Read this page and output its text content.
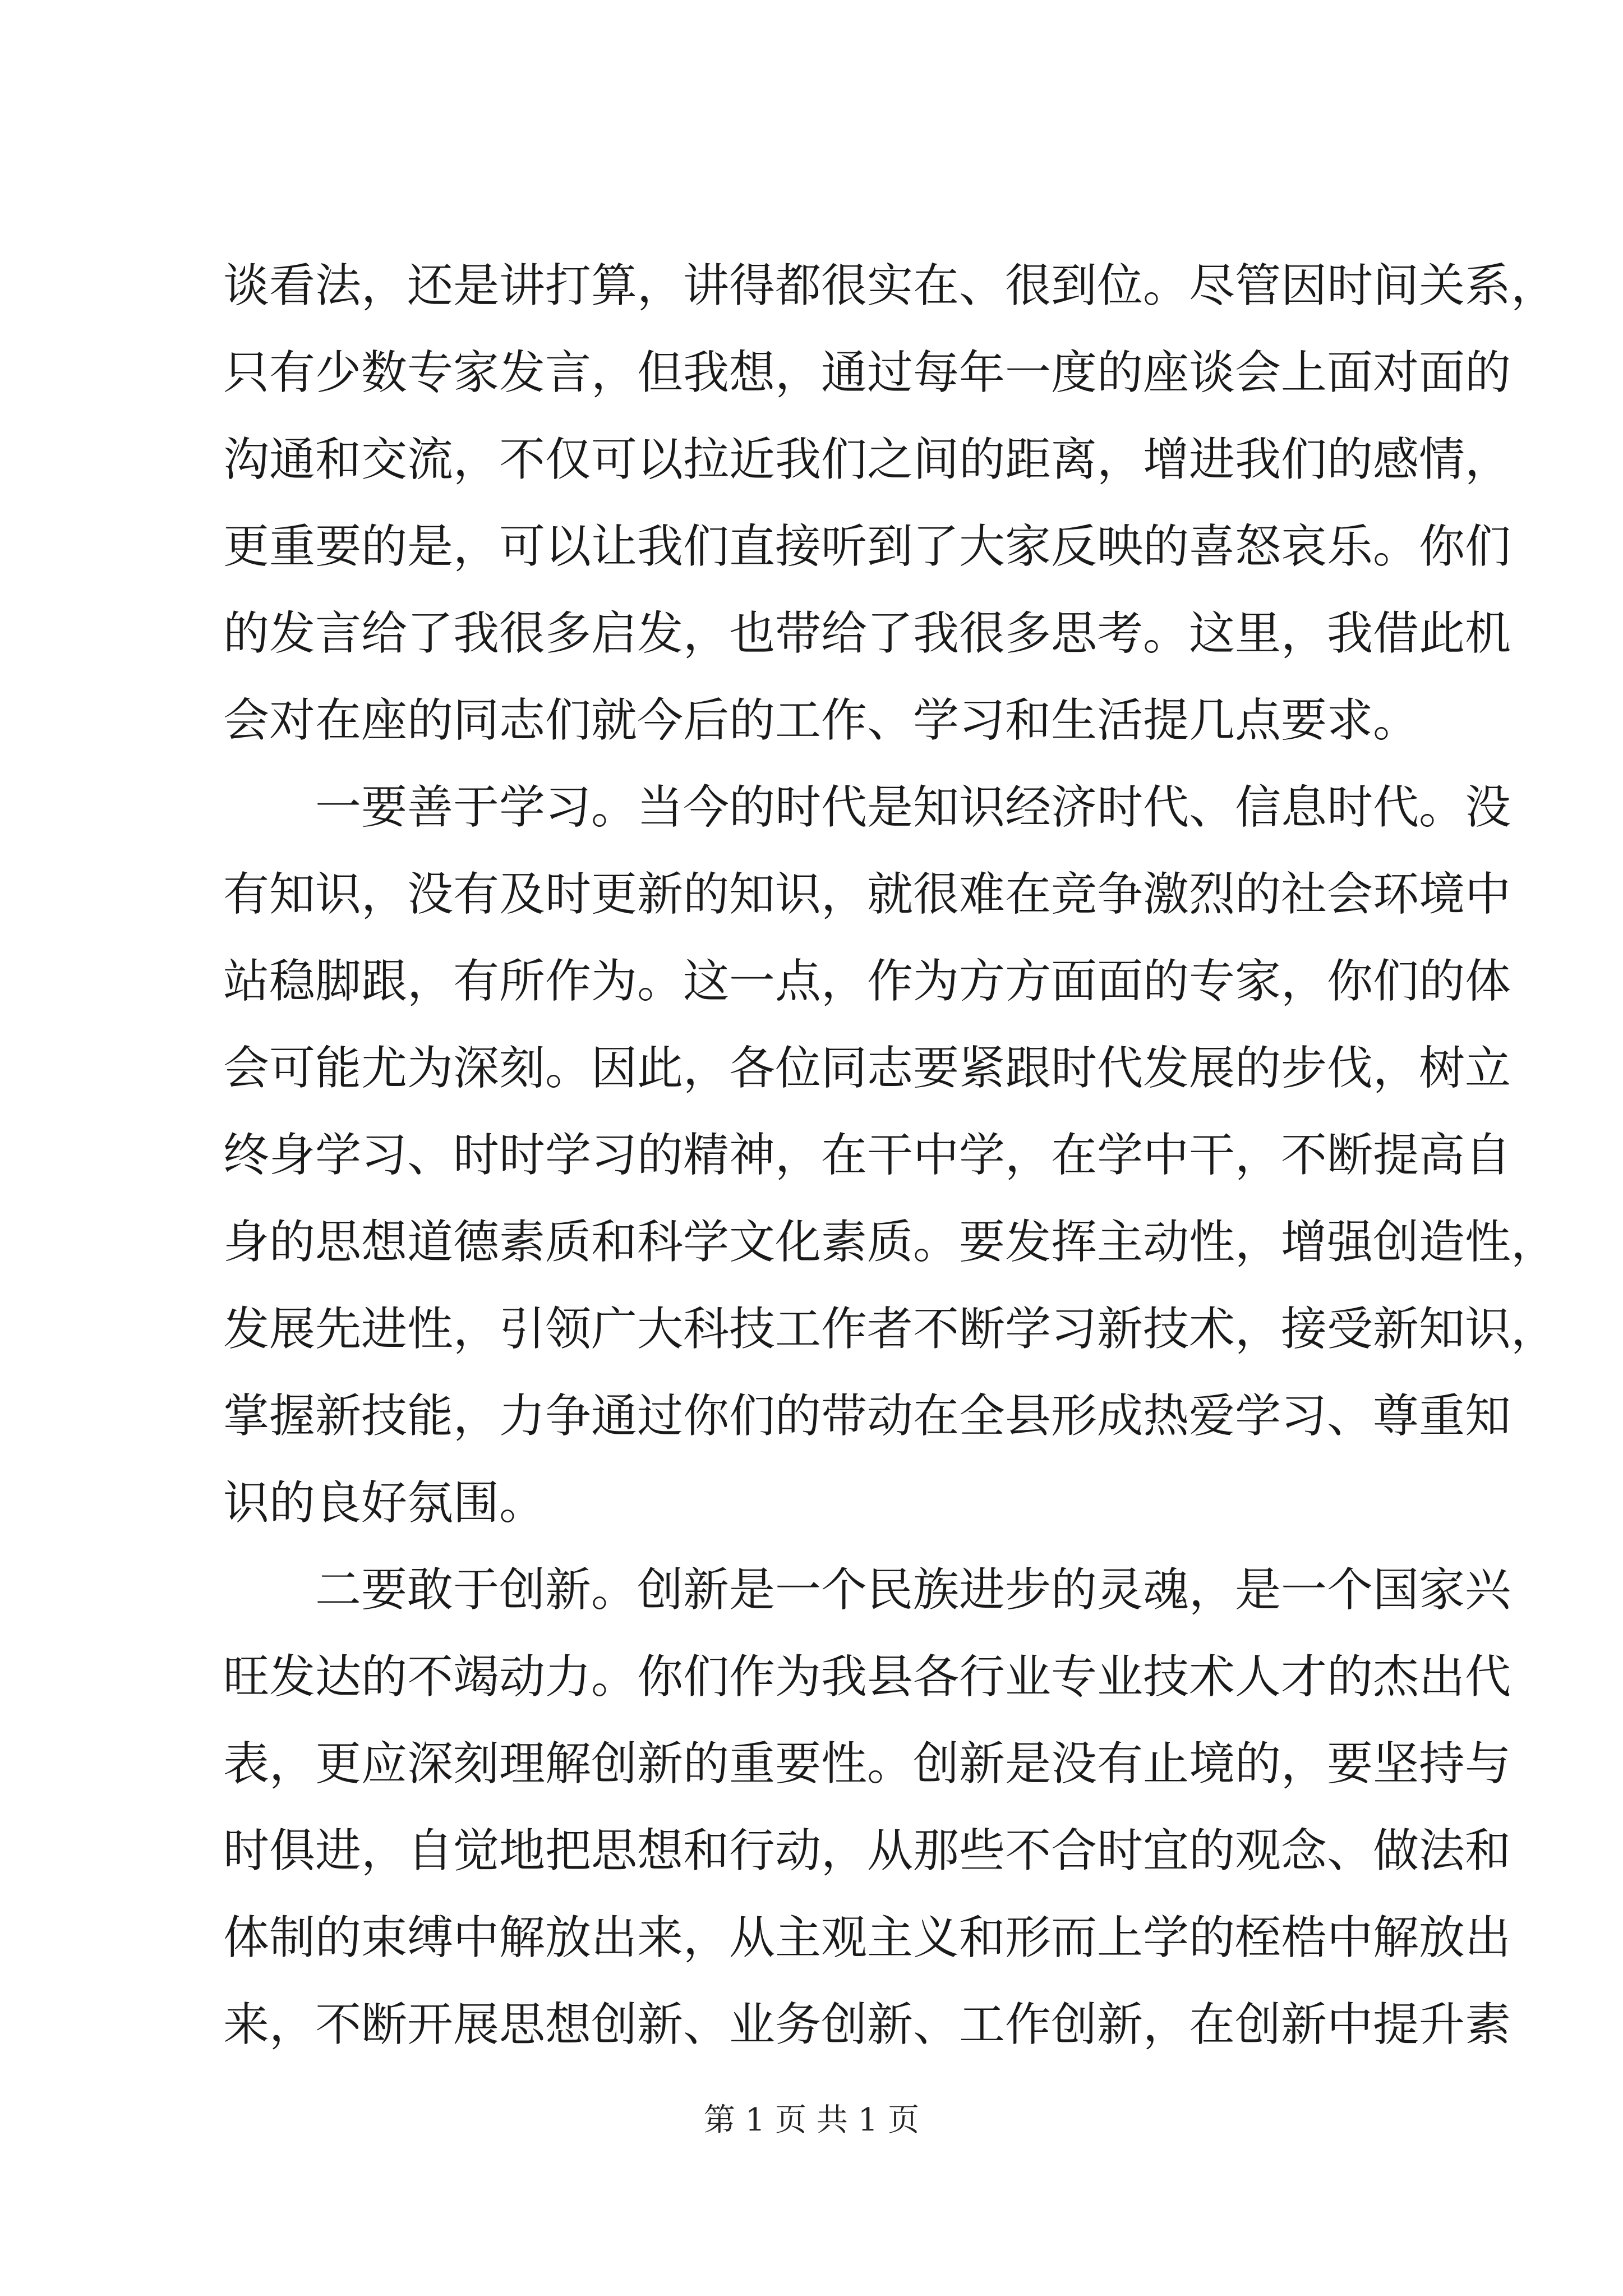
谈看法，还是讲打算，讲得都很实在、很到位。尽管因时间关系，
只有少数专家发言，但我想，通过每年一度的座谈会上面对面的
沟通和交流，不仅可以拉近我们之间的距离，增进我们的感情，
更重要的是，可以让我们直接听到了大家反映的喜怒哀乐。你们
的发言给了我很多启发，也带给了我很多思考。这里，我借此机
会对在座的同志们就今后的工作、学习和生活提几点要求。
一要善于学习。当今的时代是知识经济时代、信息时代。没
有知识，没有及时更新的知识，就很难在竞争激烈的社会环境中
站稳脚跟，有所作为。这一点，作为方方面面的专家，你们的体
会可能尤为深刻。因此，各位同志要紧跟时代发展的步伐，树立
终身学习、时时学习的精神，在干中学，在学中干，不断提高自
身的思想道德素质和科学文化素质。要发挥主动性，增强创造性，
发展先进性，引领广大科技工作者不断学习新技术，接受新知识，
掌握新技能，力争通过你们的带动在全县形成热爱学习、尊重知
识的良好氛围。
二要敢于创新。创新是一个民族进步的灵魂，是一个国家兴
旺发达的不竭动力。你们作为我县各行业专业技术人才的杰出代
表，更应深刻理解创新的重要性。创新是没有止境的，要坚持与
时俱进，自觉地把思想和行动，从那些不合时宜的观念、做法和
体制的束缚中解放出来，从主观主义和形而上学的桎梏中解放出
来，不断开展思想创新、业务创新、工作创新，在创新中提升素
第 1 页 共 1 页
